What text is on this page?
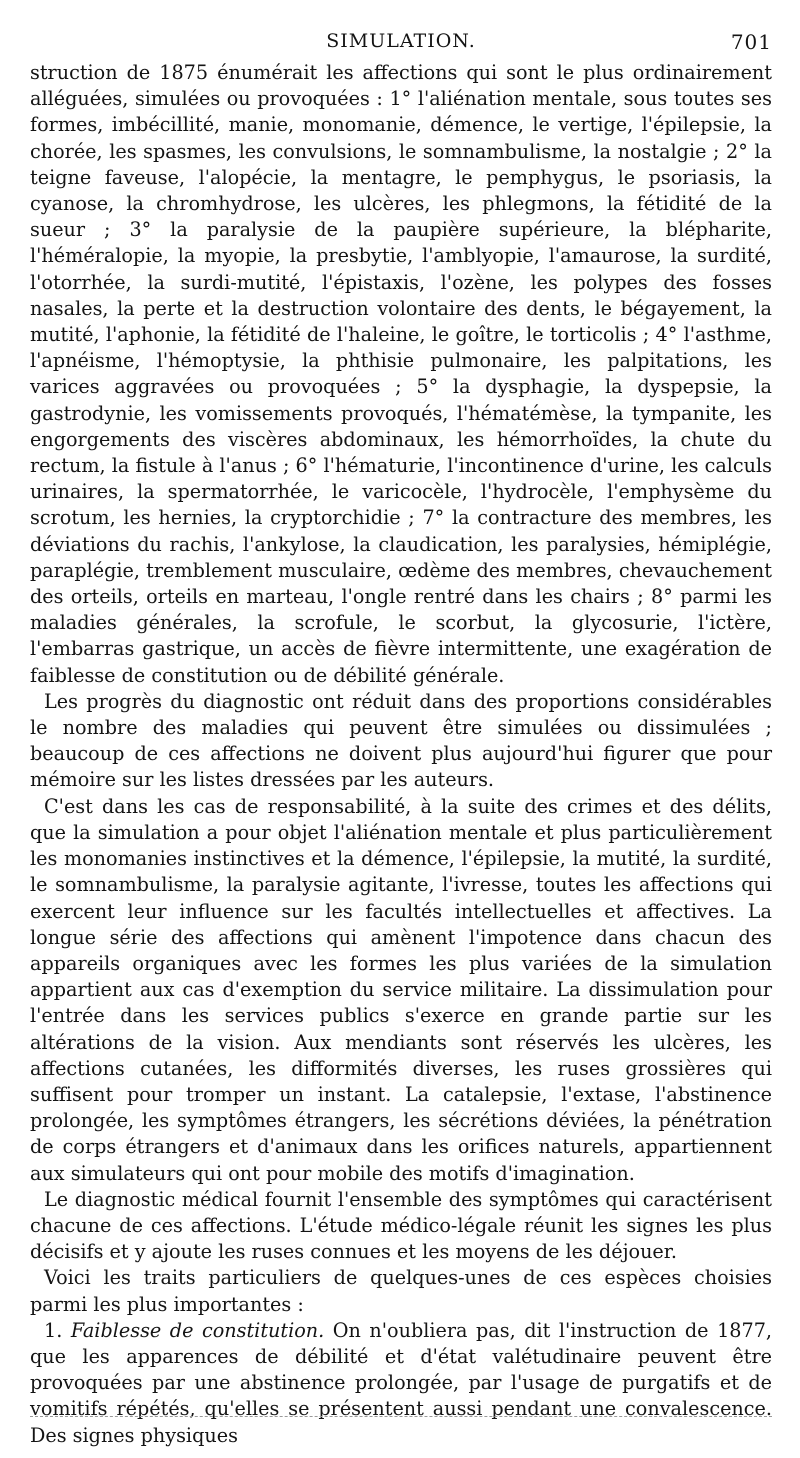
SIMULATION.	701

struction de 1875 énumérait les affections qui sont le plus ordinairement alléguées, simulées ou provoquées : 1° l'aliénation mentale, sous toutes ses formes, imbécillité, manie, monomanie, démence, le vertige, l'épilepsie, la chorée, les spasmes, les convulsions, le somnambulisme, la nostalgie ; 2° la teigne faveuse, l'alopécie, la mentagre, le pemphygus, le psoriasis, la cyanose, la chromhydrose, les ulcères, les phlegmons, la fétidité de la sueur ; 3° la paralysie de la paupière supérieure, la blépharite, l'héméralopie, la myopie, la presbytie, l'amblyopie, l'amaurose, la surdité, l'otorrhée, la surdi-mutité, l'épistaxis, l'ozène, les polypes des fosses nasales, la perte et la destruction volontaire des dents, le bégayement, la mutité, l'aphonie, la fétidité de l'haleine, le goître, le torticolis ; 4° l'asthme, l'apnéisme, l'hémoptysie, la phthisie pulmonaire, les palpitations, les varices aggravées ou provoquées ; 5° la dysphagie, la dyspepsie, la gastrodynie, les vomissements provoqués, l'hématémèse, la tympanite, les engorgements des viscères abdominaux, les hémorrhoïdes, la chute du rectum, la fistule à l'anus ; 6° l'hématurie, l'incontinence d'urine, les calculs urinaires, la spermatorrhée, le varicocèle, l'hydrocèle, l'emphysème du scrotum, les hernies, la cryptorchidie ; 7° la contracture des membres, les déviations du rachis, l'ankylose, la claudication, les paralysies, hémiplégie, paraplégie, tremblement musculaire, œdème des membres, chevauchement des orteils, orteils en marteau, l'ongle rentré dans les chairs ; 8° parmi les maladies générales, la scrofule, le scorbut, la glycosurie, l'ictère, l'embarras gastrique, un accès de fièvre intermittente, une exagération de faiblesse de constitution ou de débilité générale.

Les progrès du diagnostic ont réduit dans des proportions considérables le nombre des maladies qui peuvent être simulées ou dissimulées ; beaucoup de ces affections ne doivent plus aujourd'hui figurer que pour mémoire sur les listes dressées par les auteurs.

C'est dans les cas de responsabilité, à la suite des crimes et des délits, que la simulation a pour objet l'aliénation mentale et plus particulièrement les monomanies instinctives et la démence, l'épilepsie, la mutité, la surdité, le somnambulisme, la paralysie agitante, l'ivresse, toutes les affections qui exercent leur influence sur les facultés intellectuelles et affectives. La longue série des affections qui amènent l'impotence dans chacun des appareils organiques avec les formes les plus variées de la simulation appartient aux cas d'exemption du service militaire. La dissimulation pour l'entrée dans les services publics s'exerce en grande partie sur les altérations de la vision. Aux mendiants sont réservés les ulcères, les affections cutanées, les difformités diverses, les ruses grossières qui suffisent pour tromper un instant. La catalepsie, l'extase, l'abstinence prolongée, les symptômes étrangers, les sécrétions déviées, la pénétration de corps étrangers et d'animaux dans les orifices naturels, appartiennent aux simulateurs qui ont pour mobile des motifs d'imagination.

Le diagnostic médical fournit l'ensemble des symptômes qui caractérisent chacune de ces affections. L'étude médico-légale réunit les signes les plus décisifs et y ajoute les ruses connues et les moyens de les déjouer.

Voici les traits particuliers de quelques-unes de ces espèces choisies parmi les plus importantes :

1. Faiblesse de constitution. On n'oubliera pas, dit l'instruction de 1877, que les apparences de débilité et d'état valétudinaire peuvent être provoquées par une abstinence prolongée, par l'usage de purgatifs et de vomitifs répétés, qu'elles se présentent aussi pendant une convalescence. Des signes physiques
